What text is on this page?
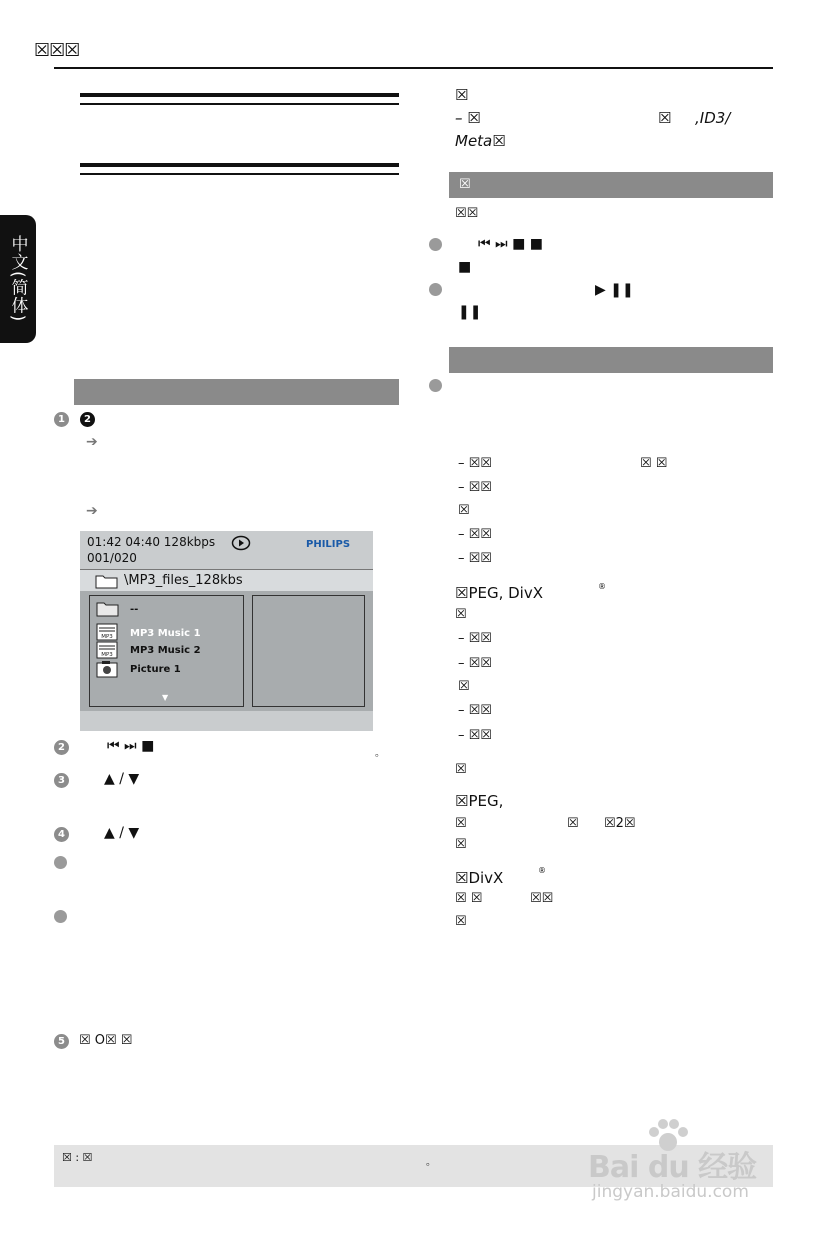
☒☒☒
中文(简体)
1	2
➔
➔
01:42 04:40 128kbps	PHILIPS
001/020
\MP3_files_128kbs
--
MP3 MP3 Music 1
MP3 MP3 Music 2
Picture 1
▼
2	⏮ ⏭ ■	。
3	▲ / ▼
4	▲ / ▼
5	☒ O☒ ☒
☒
– ☒	☒ ,ID3/
Meta☒
☒
☒☒
⏮ ⏭ ■ ■
■
▶ ❚❚
❚❚
– ☒☒	☒ ☒
– ☒☒
☒
– ☒☒
– ☒☒
☒PEG, DivX	®
☒
– ☒☒
– ☒☒
☒
– ☒☒
– ☒☒
☒
☒PEG,
☒	☒ ☒2☒
☒
☒DivX	®
☒ ☒	☒☒
☒
☒ : ☒	。	Bai du 经验
jingyan.baidu.com
